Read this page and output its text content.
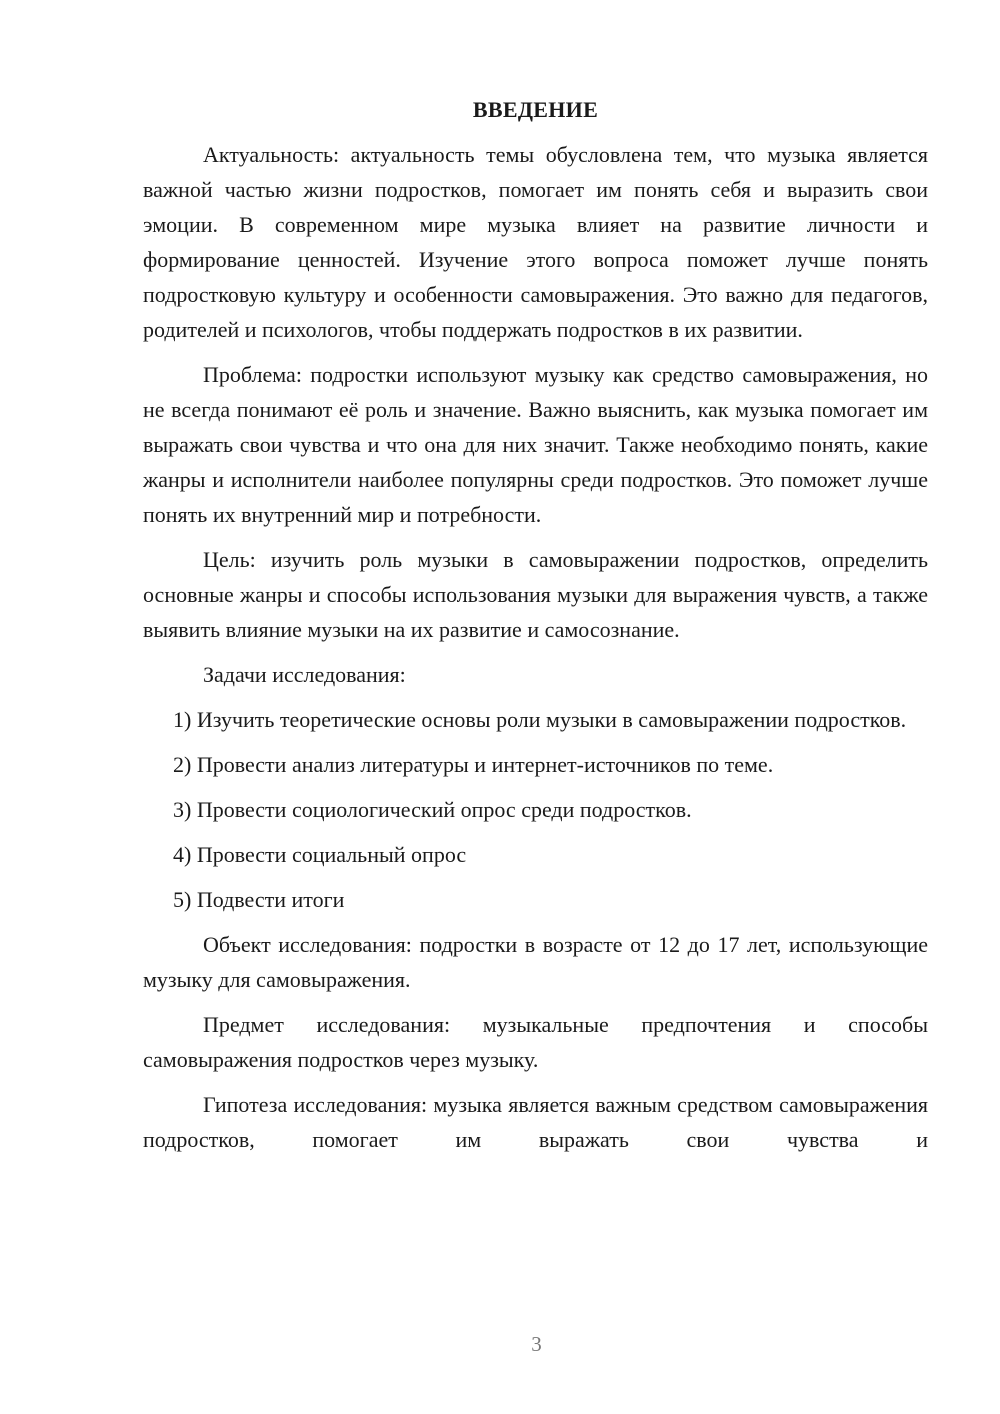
ВВЕДЕНИЕ

Актуальность: актуальность темы обусловлена тем, что музыка является важной частью жизни подростков, помогает им понять себя и выразить свои эмоции. В современном мире музыка влияет на развитие личности и формирование ценностей. Изучение этого вопроса поможет лучше понять подростковую культуру и особенности самовыражения. Это важно для педагогов, родителей и психологов, чтобы поддержать подростков в их развитии.

Проблема: подростки используют музыку как средство самовыражения, но не всегда понимают её роль и значение. Важно выяснить, как музыка помогает им выражать свои чувства и что она для них значит. Также необходимо понять, какие жанры и исполнители наиболее популярны среди подростков. Это поможет лучше понять их внутренний мир и потребности.

Цель: изучить роль музыки в самовыражении подростков, определить основные жанры и способы использования музыки для выражения чувств, а также выявить влияние музыки на их развитие и самосознание.

Задачи исследования:

1) Изучить теоретические основы роли музыки в самовыражении подростков.

2) Провести анализ литературы и интернет-источников по теме.

3) Провести социологический опрос среди подростков.

4) Провести социальный опрос

5) Подвести итоги

Объект исследования: подростки в возрасте от 12 до 17 лет, использующие музыку для самовыражения.

Предмет исследования: музыкальные предпочтения и способы самовыражения подростков через музыку.

Гипотеза исследования: музыка является важным средством самовыражения подростков, помогает им выражать свои чувства и

3
